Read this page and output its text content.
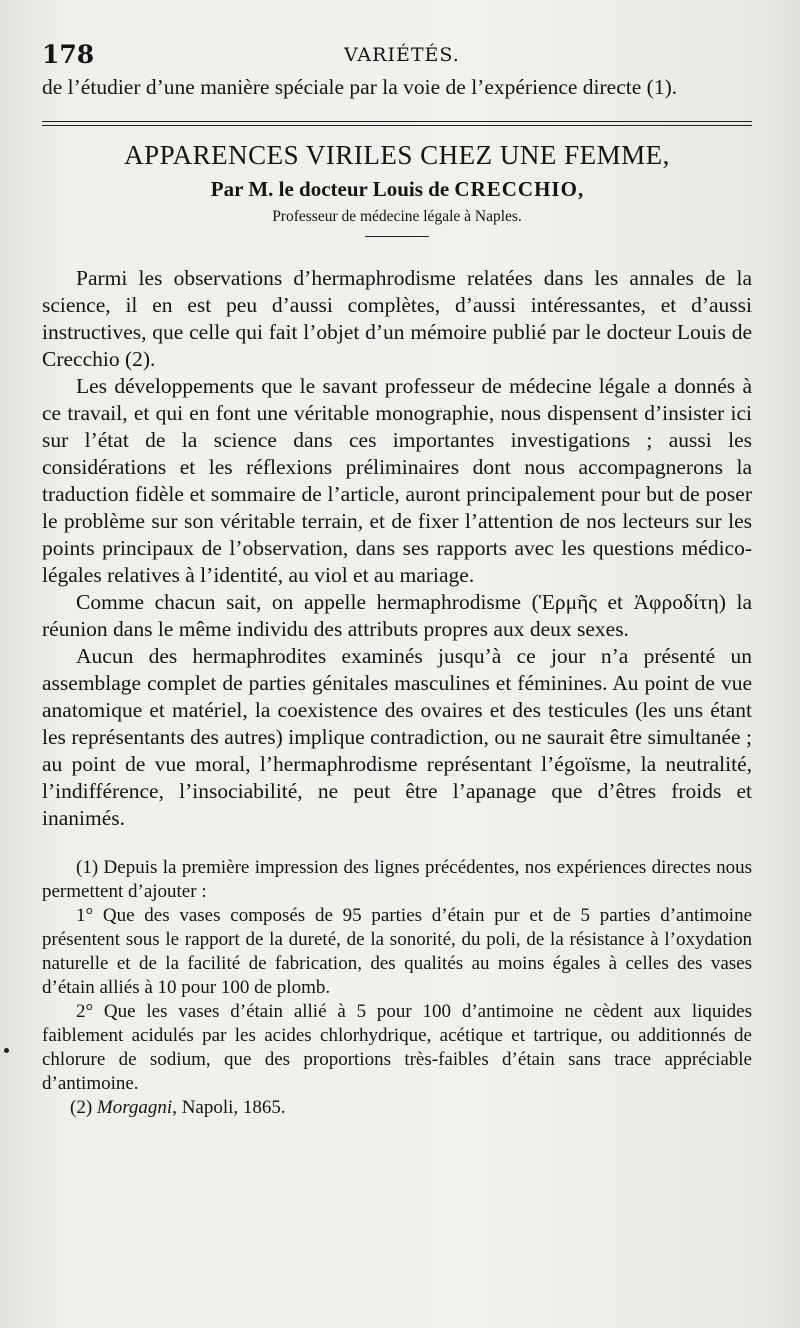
178	VARIÉTÉS.

de l’étudier d’une manière spéciale par la voie de l’expérience directe (1).

APPARENCES VIRILES CHEZ UNE FEMME,
Par M. le docteur Louis de CRECCHIO,
Professeur de médecine légale à Naples.

Parmi les observations d’hermaphrodisme relatées dans les annales de la science, il en est peu d’aussi complètes, d’aussi intéressantes, et d’aussi instructives, que celle qui fait l’objet d’un mémoire publié par le docteur Louis de Crecchio (2).

Les développements que le savant professeur de médecine légale a donnés à ce travail, et qui en font une véritable monographie, nous dispensent d’insister ici sur l’état de la science dans ces importantes investigations ; aussi les considérations et les réflexions préliminaires dont nous accompagnerons la traduction fidèle et sommaire de l’article, auront principalement pour but de poser le problème sur son véritable terrain, et de fixer l’attention de nos lecteurs sur les points principaux de l’observation, dans ses rapports avec les questions médico-légales relatives à l’identité, au viol et au mariage.

Comme chacun sait, on appelle hermaphrodisme (Ἑρμῆς et Ἀφροδίτη) la réunion dans le même individu des attributs propres aux deux sexes.

Aucun des hermaphrodites examinés jusqu’à ce jour n’a présenté un assemblage complet de parties génitales masculines et féminines. Au point de vue anatomique et matériel, la coexistence des ovaires et des testicules (les uns étant les représentants des autres) implique contradiction, ou ne saurait être simultanée ; au point de vue moral, l’hermaphrodisme représentant l’égoïsme, la neutralité, l’indifférence, l’insociabilité, ne peut être l’apanage que d’êtres froids et inanimés.

(1) Depuis la première impression des lignes précédentes, nos expériences directes nous permettent d’ajouter :

1° Que des vases composés de 95 parties d’étain pur et de 5 parties d’antimoine présentent sous le rapport de la dureté, de la sonorité, du poli, de la résistance à l’oxydation naturelle et de la facilité de fabrication, des qualités au moins égales à celles des vases d’étain alliés à 10 pour 100 de plomb.

2° Que les vases d’étain allié à 5 pour 100 d’antimoine ne cèdent aux liquides faiblement acidulés par les acides chlorhydrique, acétique et tartrique, ou additionnés de chlorure de sodium, que des proportions très-faibles d’étain sans trace appréciable d’antimoine.

(2) Morgagni, Napoli, 1865.
